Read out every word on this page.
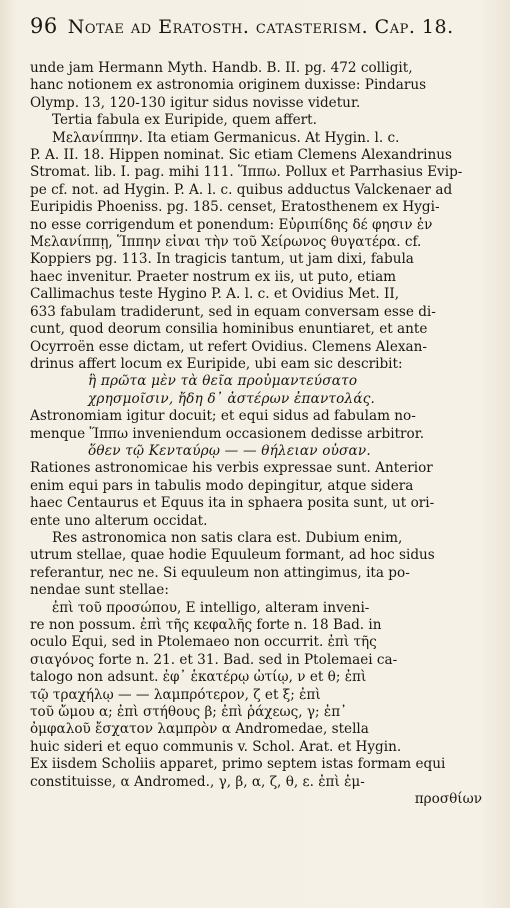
96 Notae ad Eratosth. catasterism. Cap. 18.
unde jam Hermann Myth. Handb. B. II. pg. 472 colligit,
hanc notionem ex astronomia originem duxisse: Pindarus
Olymp. 13, 120-130 igitur sidus novisse videtur.
Tertia fabula ex Euripide, quem affert.
Μελανίππην. Ita etiam Germanicus. At Hygin. l. c.
P. A. II. 18. Hippen nominat. Sic etiam Clemens Alexandrinus
Stromat. lib. I. pag. mihi 111. Ἵππω. Pollux et Parrhasius Evip-
pe cf. not. ad Hygin. P. A. l. c. quibus adductus Valckenaer ad
Euripidis Phoeniss. pg. 185. censet, Eratosthenem ex Hygi-
no esse corrigendum et ponendum: Εὐριπίδης δέ φησιν ἐν
Μελανίππῃ, Ἵππην εἶναι τὴν τοῦ Χείρωνος θυγατέρα. cf.
Koppiers pg. 113. In tragicis tantum, ut jam dixi, fabula
haec invenitur. Praeter nostrum ex iis, ut puto, etiam
Callimachus teste Hygino P. A. l. c. et Ovidius Met. II,
633 fabulam tradiderunt, sed in equam conversam esse di-
cunt, quod deorum consilia hominibus enuntiaret, et ante
Ocyrroën esse dictam, ut refert Ovidius. Clemens Alexan-
drinus affert locum ex Euripide, ubi eam sic describit:
ἣ πρῶτα μὲν τὰ θεῖα προὐμαντεύσατο
χρησμοῖσιν, ἤδη δ᾽ ἀστέρων ἐπαντολάς.
Astronomiam igitur docuit; et equi sidus ad fabulam no-
menque Ἵππω inveniendum occasionem dedisse arbitror.
ὅθεν τῷ Κενταύρῳ — — θήλειαν οὖσαν.
Rationes astronomicae his verbis expressae sunt. Anterior
enim equi pars in tabulis modo depingitur, atque sidera
haec Centaurus et Equus ita in sphaera posita sunt, ut ori-
ente uno alterum occidat.
Res astronomica non satis clara est. Dubium enim,
utrum stellae, quae hodie Equuleum formant, ad hoc sidus
referantur, nec ne. Si equuleum non attingimus, ita po-
nendae sunt stellae:
ἐπὶ τοῦ προσώπου, E intelligo, alteram inveni-
re non possum. ἐπὶ τῆς κεφαλῆς forte n. 18 Bad. in
oculo Equi, sed in Ptolemaeo non occurrit. ἐπὶ τῆς
σιαγόνος forte n. 21. et 31. Bad. sed in Ptolemaei ca-
talogo non adsunt. ἐφ᾽ ἑκατέρῳ ὠτίῳ, ν et θ; ἐπὶ
τῷ τραχήλῳ — — λαμπρότερον, ζ et ξ; ἐπὶ
τοῦ ὤμου α; ἐπὶ στήθους β; ἐπὶ ῥάχεως, γ; ἐπ᾽
ὀμφαλοῦ ἔσχατον λαμπρὸν α Andromedae, stella
huic sideri et equo communis v. Schol. Arat. et Hygin.
Ex iisdem Scholiis apparet, primo septem istas formam equi
constituisse, α Andromed., γ, β, α, ζ, θ, ε. ἐπὶ ἐμ-
προσθίων
